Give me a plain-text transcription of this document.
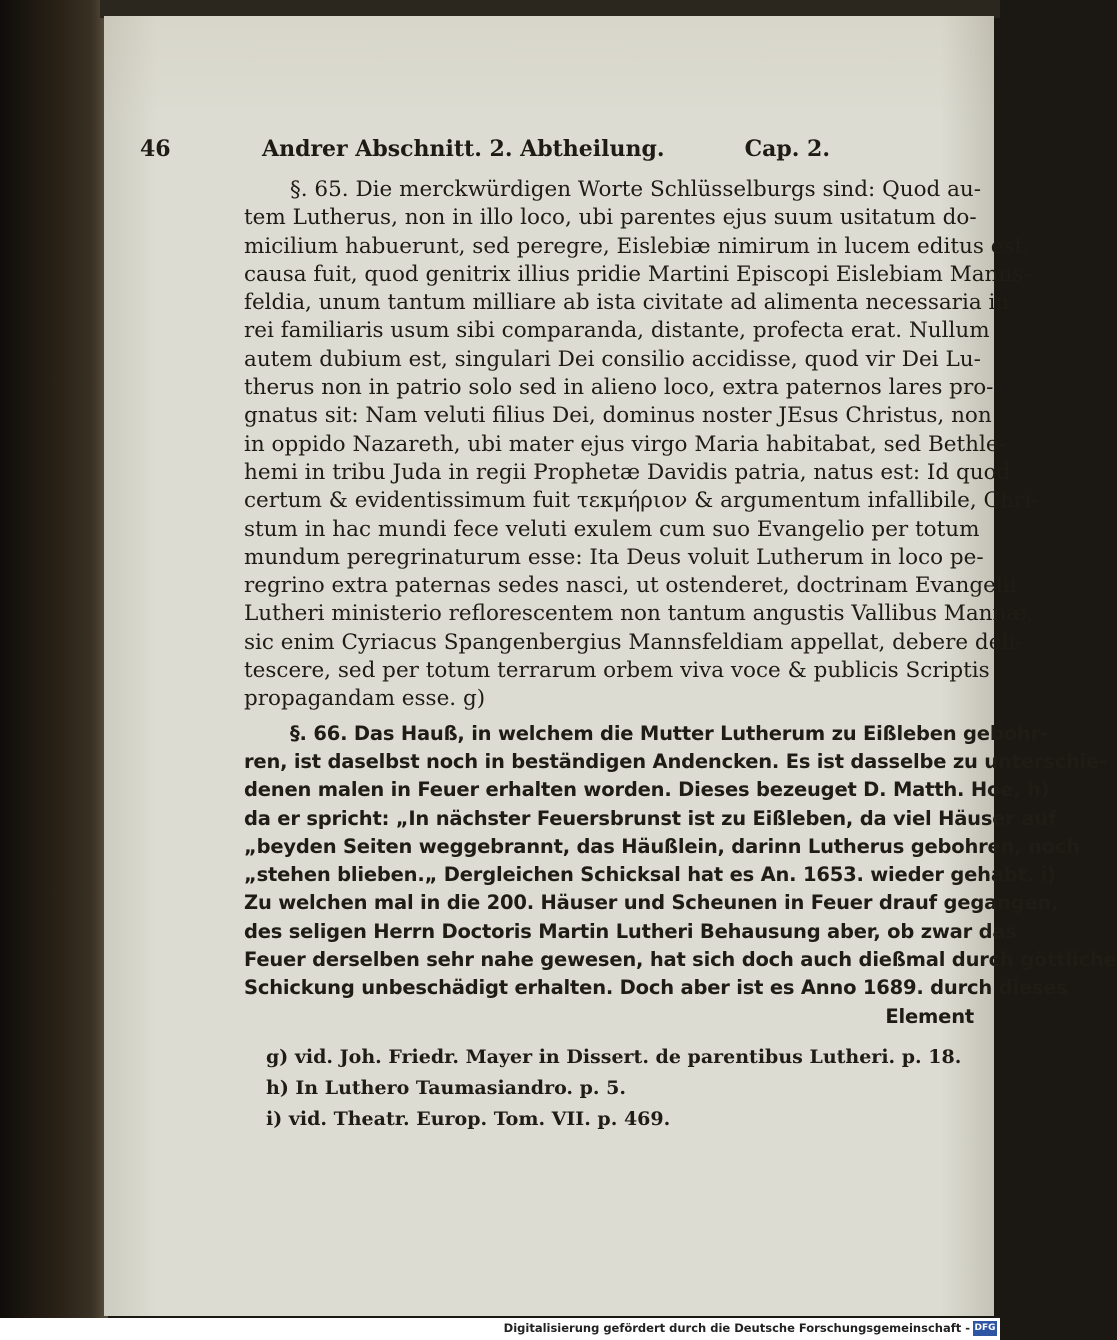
46	Andrer Abschnitt. 2. Abtheilung.	Cap. 2.
§. 65. Die merckwürdigen Worte Schlüsselburgs sind: Quod au-
tem Lutherus, non in illo loco, ubi parentes ejus suum usitatum do-
micilium habuerunt, sed peregre, Eislebiæ nimirum in lucem editus est,
causa fuit, quod genitrix illius pridie Martini Episcopi Eislebiam Manns-
feldia, unum tantum milliare ab ista civitate ad alimenta necessaria in
rei familiaris usum sibi comparanda, distante, profecta erat. Nullum
autem dubium est, singulari Dei consilio accidisse, quod vir Dei Lu-
therus non in patrio solo sed in alieno loco, extra paternos lares pro-
gnatus sit: Nam veluti filius Dei, dominus noster JEsus Christus, non
in oppido Nazareth, ubi mater ejus virgo Maria habitabat, sed Bethle-
hemi in tribu Juda in regii Prophetæ Davidis patria, natus est: Id quod
certum & evidentissimum fuit τεκμήριον & argumentum infallibile, Chri-
stum in hac mundi fece veluti exulem cum suo Evangelio per totum
mundum peregrinaturum esse: Ita Deus voluit Lutherum in loco pe-
regrino extra paternas sedes nasci, ut ostenderet, doctrinam Evangelii
Lutheri ministerio reflorescentem non tantum angustis Vallibus Mannæ,
sic enim Cyriacus Spangenbergius Mannsfeldiam appellat, debere deli-
tescere, sed per totum terrarum orbem viva voce & publicis Scriptis
propagandam esse. g)
§. 66. Das Hauß, in welchem die Mutter Lutherum zu Eißleben gebohr-
ren, ist daselbst noch in beständigen Andencken. Es ist dasselbe zu unterschie-
denen malen in Feuer erhalten worden. Dieses bezeuget D. Matth. Hoe, h)
da er spricht: „In nächster Feuersbrunst ist zu Eißleben, da viel Häuser auf
„beyden Seiten weggebrannt, das Häußlein, darinn Lutherus gebohren, noch
„stehen blieben.„ Dergleichen Schicksal hat es An. 1653. wieder gehabt. i)
Zu welchen mal in die 200. Häuser und Scheunen in Feuer drauf gegangen,
des seligen Herrn Doctoris Martin Lutheri Behausung aber, ob zwar das
Feuer derselben sehr nahe gewesen, hat sich doch auch dießmal durch göttliche
Schickung unbeschädigt erhalten. Doch aber ist es Anno 1689. durch dieses
Element
g) vid. Joh. Friedr. Mayer in Dissert. de parentibus Lutheri. p. 18.
h) In Luthero Taumasiandro. p. 5.
i) vid. Theatr. Europ. Tom. VII. p. 469.
Digitalisierung gefördert durch die Deutsche Forschungsgemeinschaft - DFG
